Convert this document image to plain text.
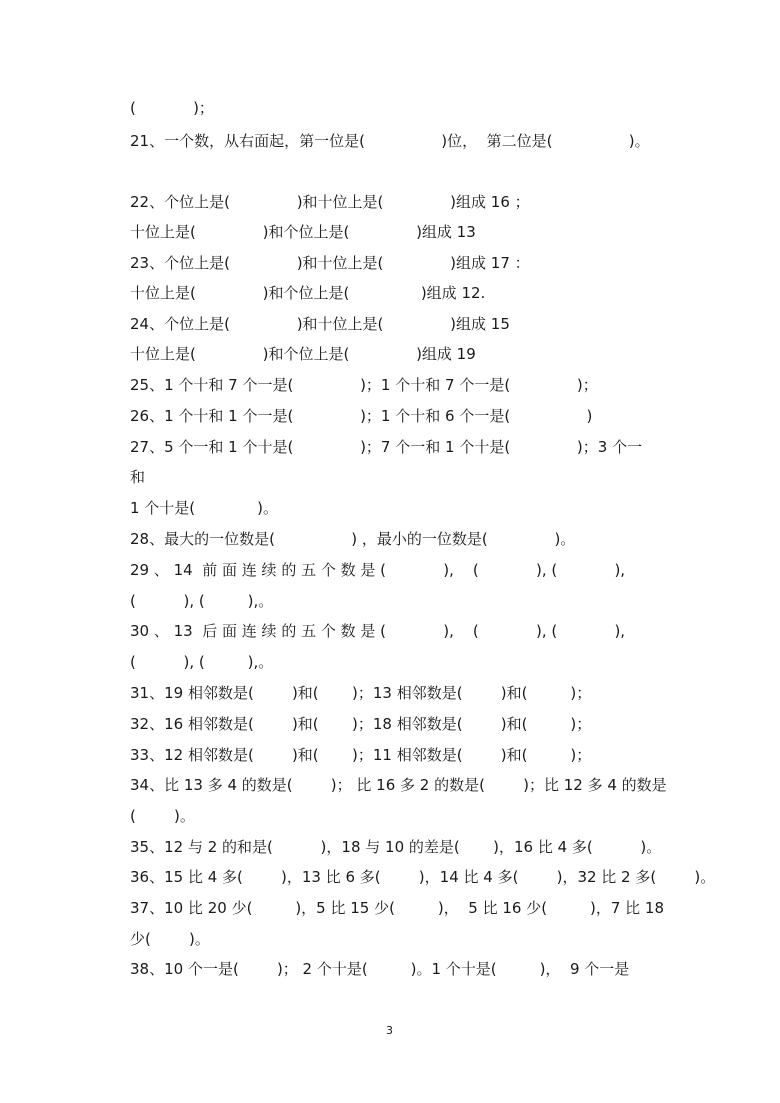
(            )；
21、一个数，从右面起，第一位是(                )位，  第二位是(                )。
22、个位上是(              )和十位上是(              )组成 16 ；
十位上是(              )和个位上是(              )组成 13
23、个位上是(              )和十位上是(              )组成 17 ：
十位上是(              )和个位上是(               )组成 12.
24、个位上是(              )和十位上是(              )组成 15
十位上是(              )和个位上是(              )组成 19
25、1 个十和 7 个一是(              )；1 个十和 7 个一是(              )；
26、1 个十和 1 个一是(              )；1 个十和 6 个一是(                )
27、5 个一和 1 个十是(              )；7 个一和 1 个十是(              )；3 个一
和
1 个十是(             )。
28、最大的一位数是(                ) ，最小的一位数是(              )。
29 、 14  前 面 连 续 的 五 个 数 是 (            ),    (            ), (            ),
(          ), (         ),。
30 、 13  后 面 连 续 的 五 个 数 是 (            ),    (            ), (            ),
(          ), (         ),。
31、19 相邻数是(        )和(       )；13 相邻数是(        )和(         )；
32、16 相邻数是(        )和(       )；18 相邻数是(        )和(         )；
33、12 相邻数是(        )和(       )；11 相邻数是(        )和(         )；
34、比 13 多 4 的数是(        )； 比 16 多 2 的数是(        )；比 12 多 4 的数是
(        )。
35、12 与 2 的和是(          )，18 与 10 的差是(       )，16 比 4 多(          )。
36、15 比 4 多(        )，13 比 6 多(        )，14 比 4 多(        )，32 比 2 多(        )。
37、10 比 20 少(         )，5 比 15 少(         )，  5 比 16 少(         )，7 比 18
少(        )。
38、10 个一是(        )； 2 个十是(         )。1 个十是(         )，  9 个一是
3
